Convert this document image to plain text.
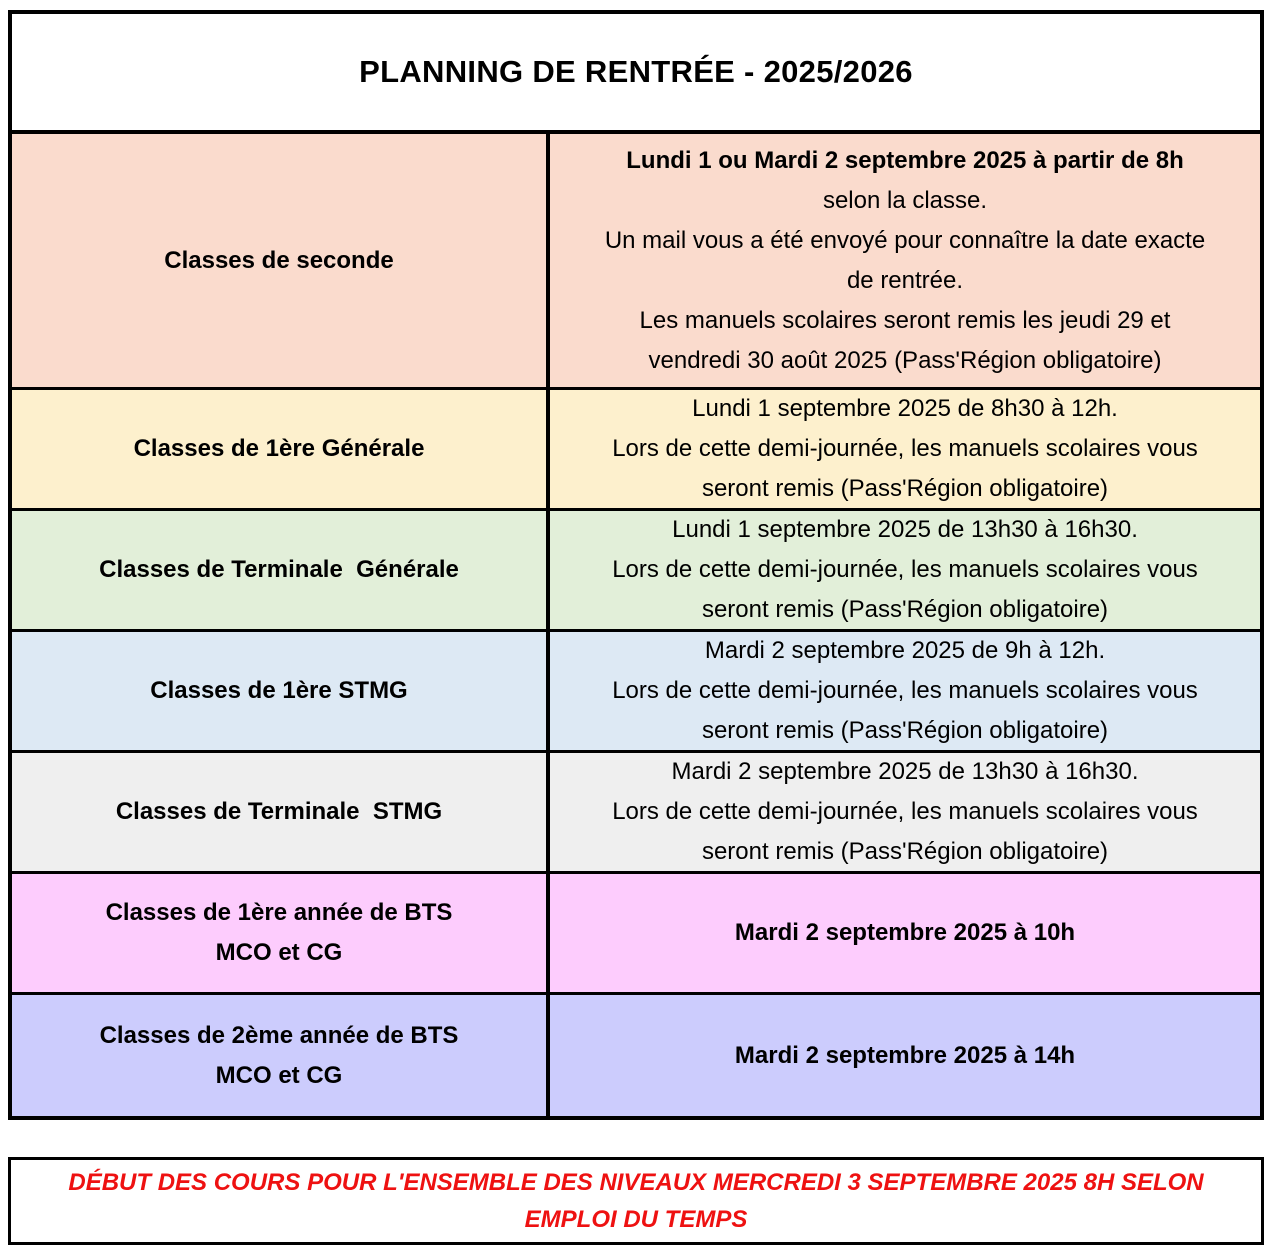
PLANNING DE RENTRÉE - 2025/2026
Classes de seconde
Lundi 1 ou Mardi 2 septembre 2025 à partir de 8h
selon la classe.
Un mail vous a été envoyé pour connaître la date exacte
de rentrée.
Les manuels scolaires seront remis les jeudi 29 et
vendredi 30 août 2025 (Pass'Région obligatoire)
Classes de 1ère Générale
Lundi 1 septembre 2025 de 8h30 à 12h.
Lors de cette demi-journée, les manuels scolaires vous
seront remis (Pass'Région obligatoire)
Classes de Terminale  Générale
Lundi 1 septembre 2025 de 13h30 à 16h30.
Lors de cette demi-journée, les manuels scolaires vous
seront remis (Pass'Région obligatoire)
Classes de 1ère STMG
Mardi 2 septembre 2025 de 9h à 12h.
Lors de cette demi-journée, les manuels scolaires vous
seront remis (Pass'Région obligatoire)
Classes de Terminale  STMG
Mardi 2 septembre 2025 de 13h30 à 16h30.
Lors de cette demi-journée, les manuels scolaires vous
seront remis (Pass'Région obligatoire)
Classes de 1ère année de BTS
MCO et CG
Mardi 2 septembre 2025 à 10h
Classes de 2ème année de BTS
MCO et CG
Mardi 2 septembre 2025 à 14h
DÉBUT DES COURS POUR L'ENSEMBLE DES NIVEAUX MERCREDI 3 SEPTEMBRE 2025 8H SELON
EMPLOI DU TEMPS
